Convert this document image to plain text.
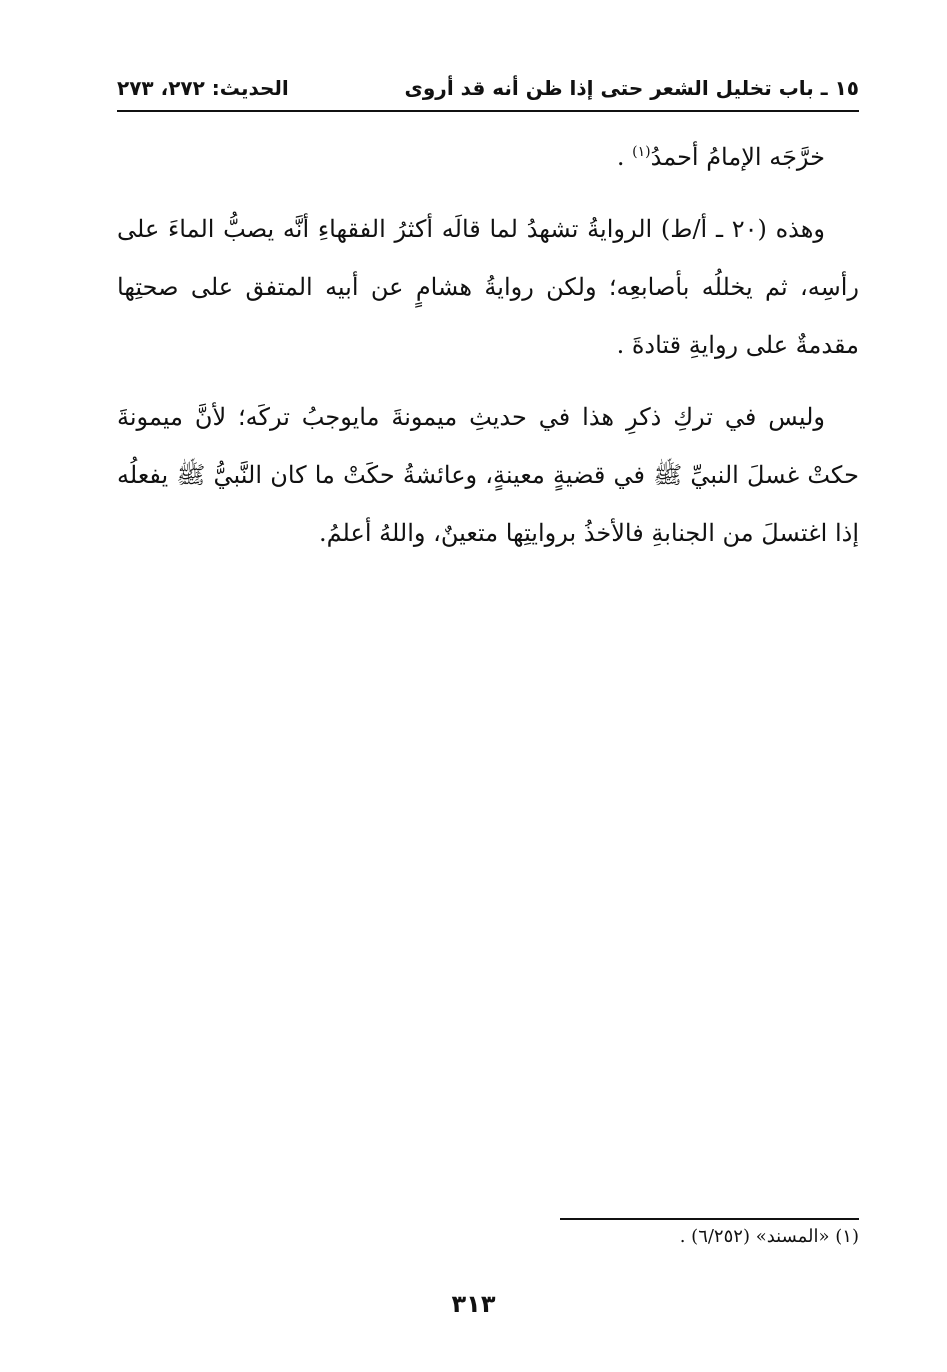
١٥ ـ باب تخليل الشعر حتى إذا ظن أنه قد أروى
الحديث: ٢٧٢، ٢٧٣

خرَّجَه الإمامُ أحمدُ$^{(١)}$ .

وهذه (٢٠ ـ أ/ط) الروايةُ تشهدُ لما قالَه أكثرُ الفقهاءِ أنَّه يصبُّ الماءَ على رأسِه، ثم يخللُه بأصابعِه؛ ولكن روايةُ هشامٍ عن أبيه المتفق على صحتِها مقدمةٌ على روايةِ قتادةَ .

وليس في تركِ ذكرِ هذا في حديثِ ميمونةَ مايوجبُ تركَه؛ لأنَّ ميمونةَ حكتْ غسلَ النبيِّ ﷺ في قضيةٍ معينةٍ، وعائشةُ حكَتْ ما كان النَّبيُّ ﷺ يفعلُه إذا اغتسلَ من الجنابةِ فالأخذُ بروايتِها متعينٌ، واللهُ أعلمُ.

(١) «المسند» (٦/٢٥٢) .
٣١٣
